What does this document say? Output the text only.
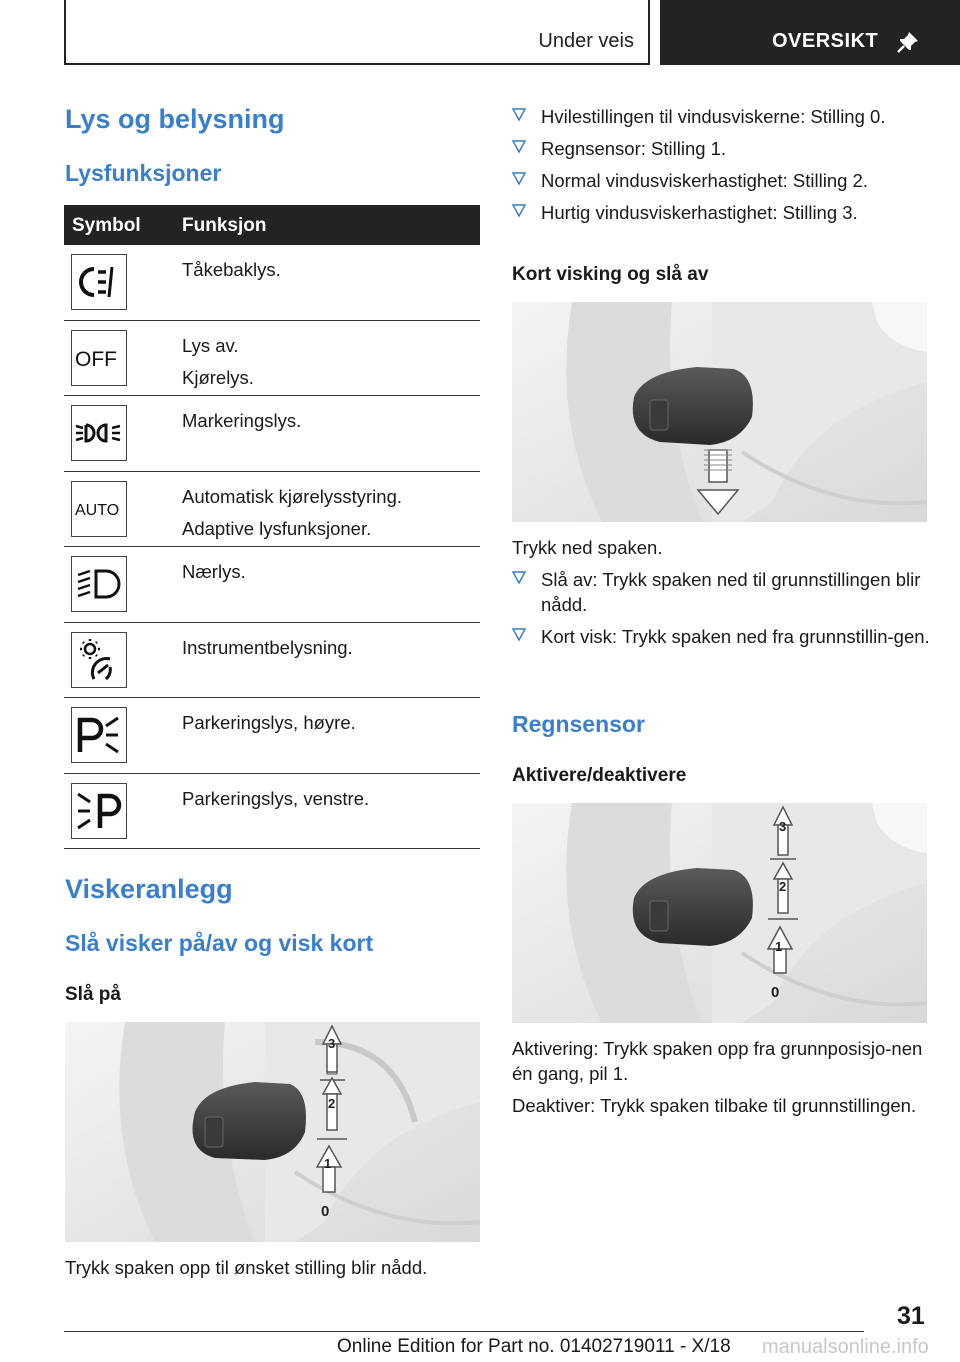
Under veis	OVERSIKT
Lys og belysning
Lysfunksjoner
Symbol Funksjon
Tåkebaklys.
OFF
Lys av.
Kjørelys.
Markeringslys.
AUTO
Automatisk kjørelysstyring.
Adaptive lysfunksjoner.
Nærlys.
Instrumentbelysning.
Parkeringslys, høyre.
Parkeringslys, venstre.
Viskeranlegg
Slå visker på/av og visk kort
Slå på
3
2
1
0
Trykk spaken opp til ønsket stilling blir nådd.
Hvilestillingen til vindusviskerne: Stilling 0.
Regnsensor: Stilling 1.
Normal vindusviskerhastighet: Stilling 2.
Hurtig vindusviskerhastighet: Stilling 3.
Kort visking og slå av
Trykk ned spaken.
Slå av: Trykk spaken ned til grunnstillingen blir nådd.
Kort visk: Trykk spaken ned fra grunnstillin-gen.
Regnsensor
Aktivere/deaktivere
3
2
1
0
Aktivering: Trykk spaken opp fra grunnposisjo-nen én gang, pil 1.
Deaktiver: Trykk spaken tilbake til grunnstillingen.
31
Online Edition for Part no. 01402719011 - X/18 manualsonline.info
